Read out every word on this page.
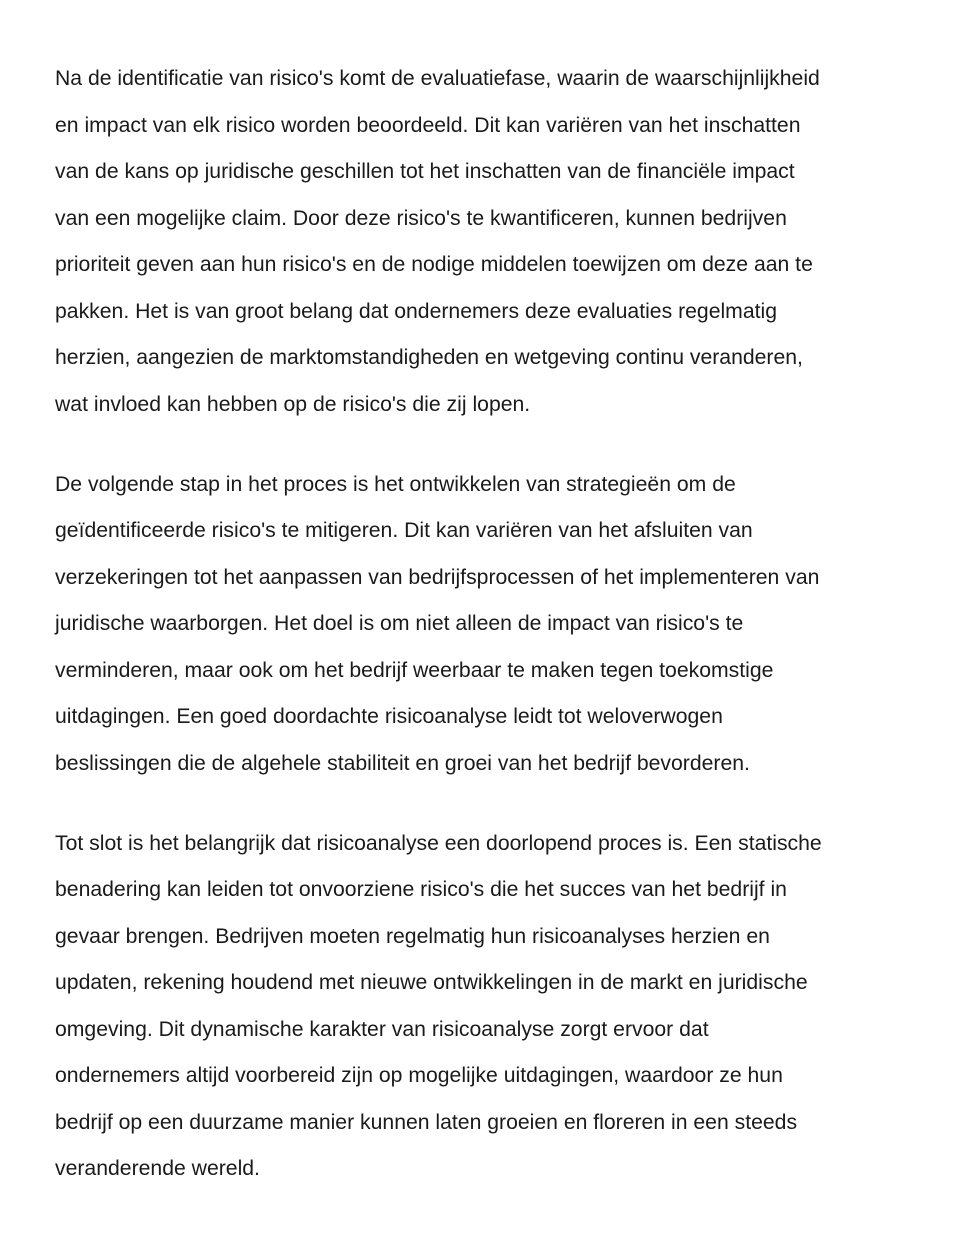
Na de identificatie van risico's komt de evaluatiefase, waarin de waarschijnlijkheid
en impact van elk risico worden beoordeeld. Dit kan variëren van het inschatten
van de kans op juridische geschillen tot het inschatten van de financiële impact
van een mogelijke claim. Door deze risico's te kwantificeren, kunnen bedrijven
prioriteit geven aan hun risico's en de nodige middelen toewijzen om deze aan te
pakken. Het is van groot belang dat ondernemers deze evaluaties regelmatig
herzien, aangezien de marktomstandigheden en wetgeving continu veranderen,
wat invloed kan hebben op de risico's die zij lopen.

De volgende stap in het proces is het ontwikkelen van strategieën om de
geïdentificeerde risico's te mitigeren. Dit kan variëren van het afsluiten van
verzekeringen tot het aanpassen van bedrijfsprocessen of het implementeren van
juridische waarborgen. Het doel is om niet alleen de impact van risico's te
verminderen, maar ook om het bedrijf weerbaar te maken tegen toekomstige
uitdagingen. Een goed doordachte risicoanalyse leidt tot weloverwogen
beslissingen die de algehele stabiliteit en groei van het bedrijf bevorderen.

Tot slot is het belangrijk dat risicoanalyse een doorlopend proces is. Een statische
benadering kan leiden tot onvoorziene risico's die het succes van het bedrijf in
gevaar brengen. Bedrijven moeten regelmatig hun risicoanalyses herzien en
updaten, rekening houdend met nieuwe ontwikkelingen in de markt en juridische
omgeving. Dit dynamische karakter van risicoanalyse zorgt ervoor dat
ondernemers altijd voorbereid zijn op mogelijke uitdagingen, waardoor ze hun
bedrijf op een duurzame manier kunnen laten groeien en floreren in een steeds
veranderende wereld.
